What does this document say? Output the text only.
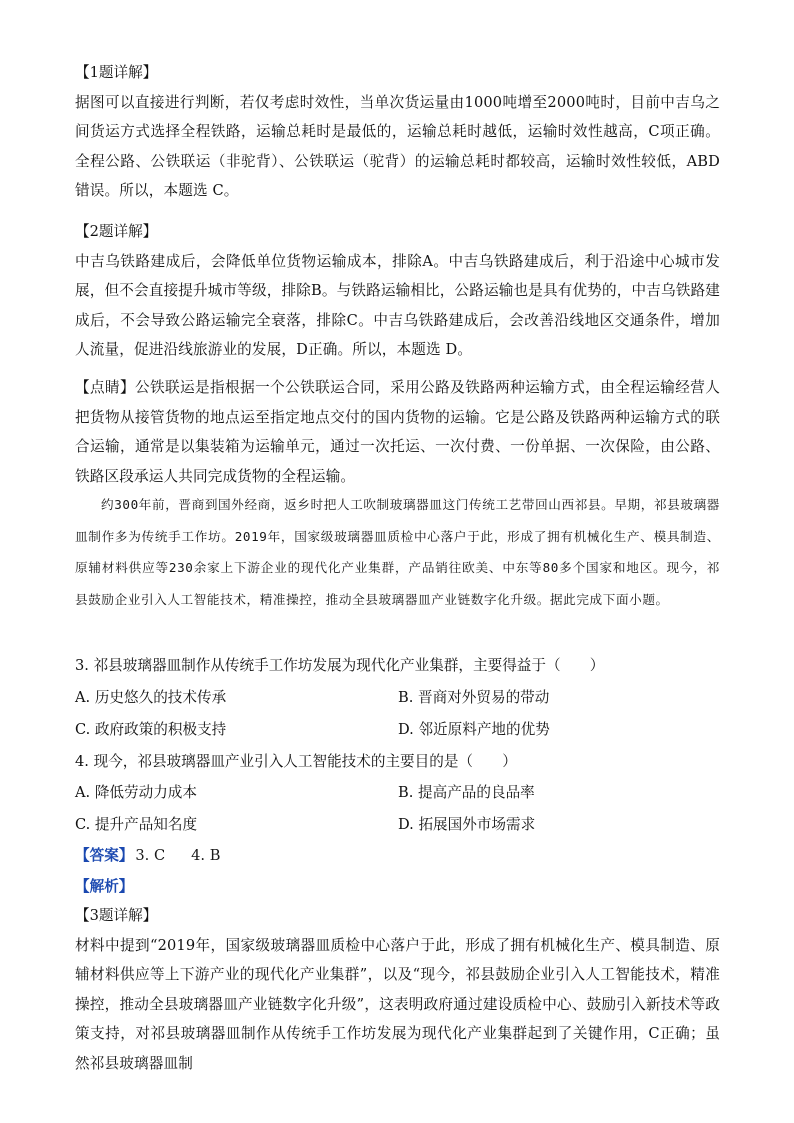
【1题详解】

据图可以直接进行判断，若仅考虑时效性，当单次货运量由1000吨增至2000吨时，目前中吉乌之间货运方式选择全程铁路，运输总耗时是最低的，运输总耗时越低，运输时效性越高，C项正确。全程公路、公铁联运（非驼背）、公铁联运（驼背）的运输总耗时都较高，运输时效性较低，ABD 错误。所以，本题选 C。

【2题详解】

中吉乌铁路建成后，会降低单位货物运输成本，排除A。中吉乌铁路建成后，利于沿途中心城市发展，但不会直接提升城市等级，排除B。与铁路运输相比，公路运输也是具有优势的，中吉乌铁路建成后，不会导致公路运输完全衰落，排除C。中吉乌铁路建成后，会改善沿线地区交通条件，增加人流量，促进沿线旅游业的发展，D正确。所以，本题选 D。

【点睛】公铁联运是指根据一个公铁联运合同，采用公路及铁路两种运输方式，由全程运输经营人把货物从接管货物的地点运至指定地点交付的国内货物的运输。它是公路及铁路两种运输方式的联合运输，通常是以集装箱为运输单元，通过一次托运、一次付费、一份单据、一次保险，由公路、铁路区段承运人共同完成货物的全程运输。

约300年前，晋商到国外经商，返乡时把人工吹制玻璃器皿这门传统工艺带回山西祁县。早期，祁县玻璃器皿制作多为传统手工作坊。2019年，国家级玻璃器皿质检中心落户于此，形成了拥有机械化生产、模具制造、原辅材料供应等230余家上下游企业的现代化产业集群，产品销往欧美、中东等80多个国家和地区。现今，祁县鼓励企业引入人工智能技术，精准操控，推动全县玻璃器皿产业链数字化升级。据此完成下面小题。

3. 祁县玻璃器皿制作从传统手工作坊发展为现代化产业集群，主要得益于（　　）

A. 历史悠久的技术传承	B. 晋商对外贸易的带动

C. 政府政策的积极支持	D. 邻近原料产地的优势

4. 现今，祁县玻璃器皿产业引入人工智能技术的主要目的是（　　）

A. 降低劳动力成本	B. 提高产品的良品率

C. 提升产品知名度	D. 拓展国外市场需求

【答案】 3. C 4. B

【解析】

【3题详解】

材料中提到“2019年，国家级玻璃器皿质检中心落户于此，形成了拥有机械化生产、模具制造、原辅材料供应等上下游产业的现代化产业集群”，以及“现今，祁县鼓励企业引入人工智能技术，精准操控，推动全县玻璃器皿产业链数字化升级”，这表明政府通过建设质检中心、鼓励引入新技术等政策支持，对祁县玻璃器皿制作从传统手工作坊发展为现代化产业集群起到了关键作用，C正确；虽然祁县玻璃器皿制
